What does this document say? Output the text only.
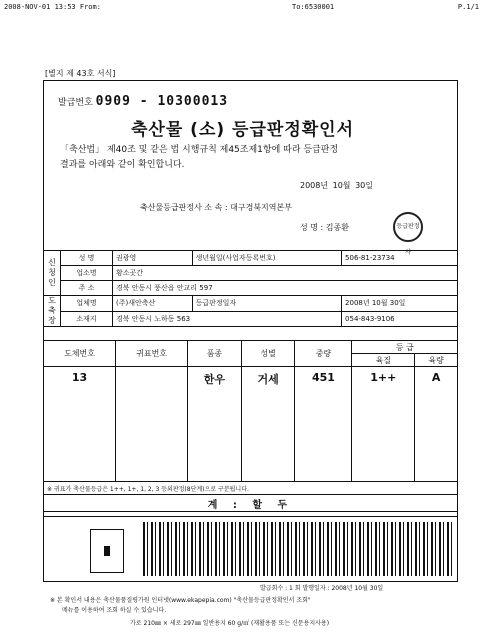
2008-NOV-01 13:53 From:	To:6530001	P.1/1
[별지 제 43호 서식]
발급번호 0909 - 10300013
축산물 (소) 등급판정확인서
「축산법」 제40조 및 같은 법 시행규칙 제45조제1항에 따라 등급판정
결과를 아래와 같이 확인합니다.
2008년 10월 30일
축산물등급판정사 소 속 : 대구경북지역본부
성 명 : 김종환	등급판정사
신청인	성 명	권광영	생년월일(사업자등록번호)	506-81-23734
	업소명	황소곳간		
	주 소	경북 안동시 풍산읍 안교리 597		
도축장	업체명	(주)새안축산	등급판정일자	2008년 10월 30일
	소재지	경북 안동시 노하동 563		054-843-9106
도체번호	귀표번호	품종	성별	중량	등 급	
					육질	육량
13		한우	거세	451	1++	A
※ 귀표가 축산물등급은 1++, 1+, 1, 2, 3 등외판정(8단계)으로 구분됩니다.						
계 : 할 두						
발급회수 : 1 회 발행일자 : 2008년 10월 30일
※ 본 확인서 내용은 축산물품질평가원 인터넷(www.ekapepia.com) "축산물등급판정확인서 조회"
메뉴를 이용하여 조회 하실 수 있습니다.
가로 210㎜ × 세로 297㎜ 일반용지 60 g/㎡ (재활용품 또는 신문용지사용)
